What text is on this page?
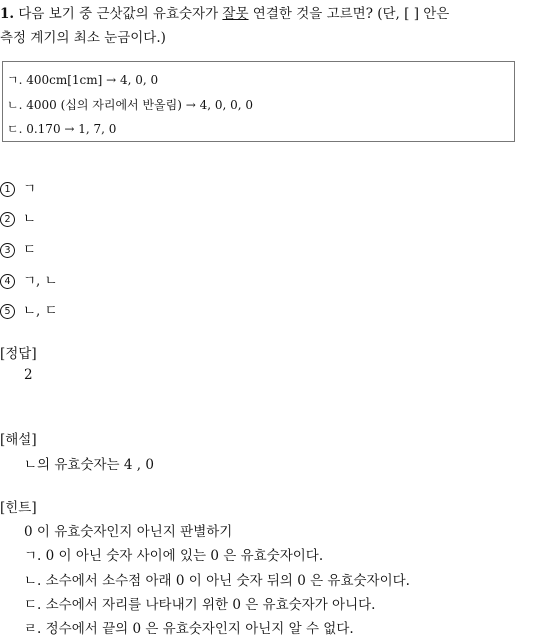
1. 다음 보기 중 근삿값의 유효숫자가 잘못 연결한 것을 고르면? (단, [ ] 안은
측정 계기의 최소 눈금이다.)
ㄱ. 400cm[1cm] → 4, 0, 0
ㄴ. 4000 (십의 자리에서 반올림) → 4, 0, 0, 0
ㄷ. 0.170 → 1, 7, 0
1 ㄱ
2 ㄴ
3 ㄷ
4 ㄱ, ㄴ
5 ㄴ, ㄷ
[정답]
2
[해설]
ㄴ의 유효숫자는 4 , 0
[힌트]
0 이 유효숫자인지 아닌지 판별하기
ㄱ. 0 이 아닌 숫자 사이에 있는 0 은 유효숫자이다.
ㄴ. 소수에서 소수점 아래 0 이 아닌 숫자 뒤의 0 은 유효숫자이다.
ㄷ. 소수에서 자리를 나타내기 위한 0 은 유효숫자가 아니다.
ㄹ. 정수에서 끝의 0 은 유효숫자인지 아닌지 알 수 없다.
